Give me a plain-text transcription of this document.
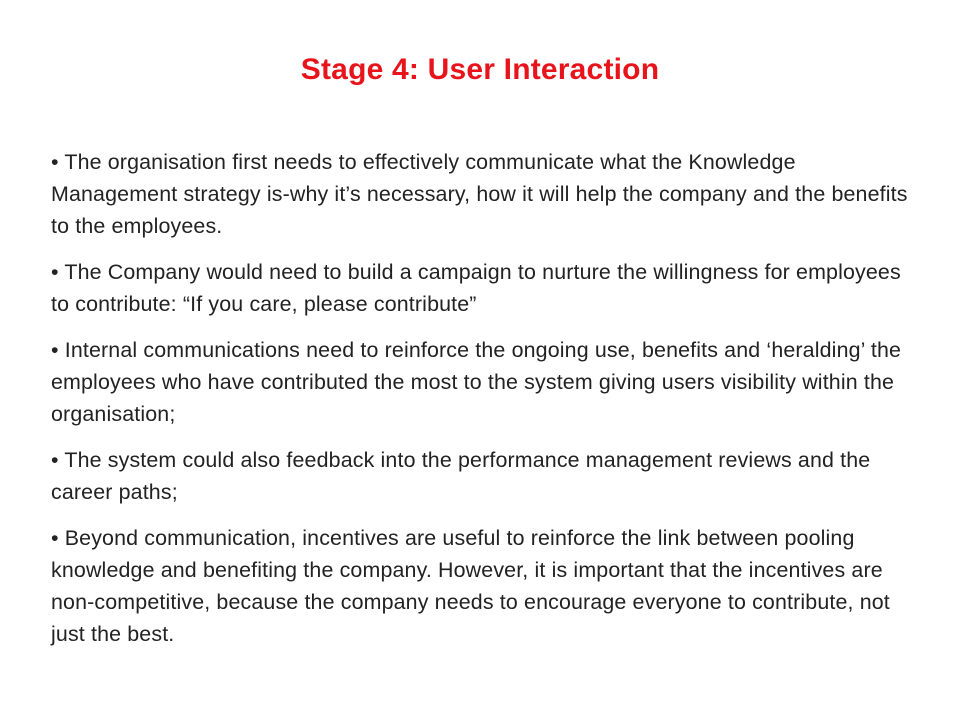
Stage 4: User Interaction
• The organisation first needs to effectively communicate what the Knowledge Management strategy is-why it’s necessary, how it will help the company and the benefits to the employees.
• The Company would need to build a campaign to nurture the willingness for employees to contribute: “If you care, please contribute”
• Internal communications need to reinforce the ongoing use, benefits and ‘heralding’ the employees who have contributed the most to the system giving users visibility within the organisation;
• The system could also feedback into the performance management reviews and the career paths;
• Beyond communication, incentives are useful to reinforce the link between pooling knowledge and benefiting the company. However, it is important that the incentives are non-competitive, because the company needs to encourage everyone to contribute, not just the best.
